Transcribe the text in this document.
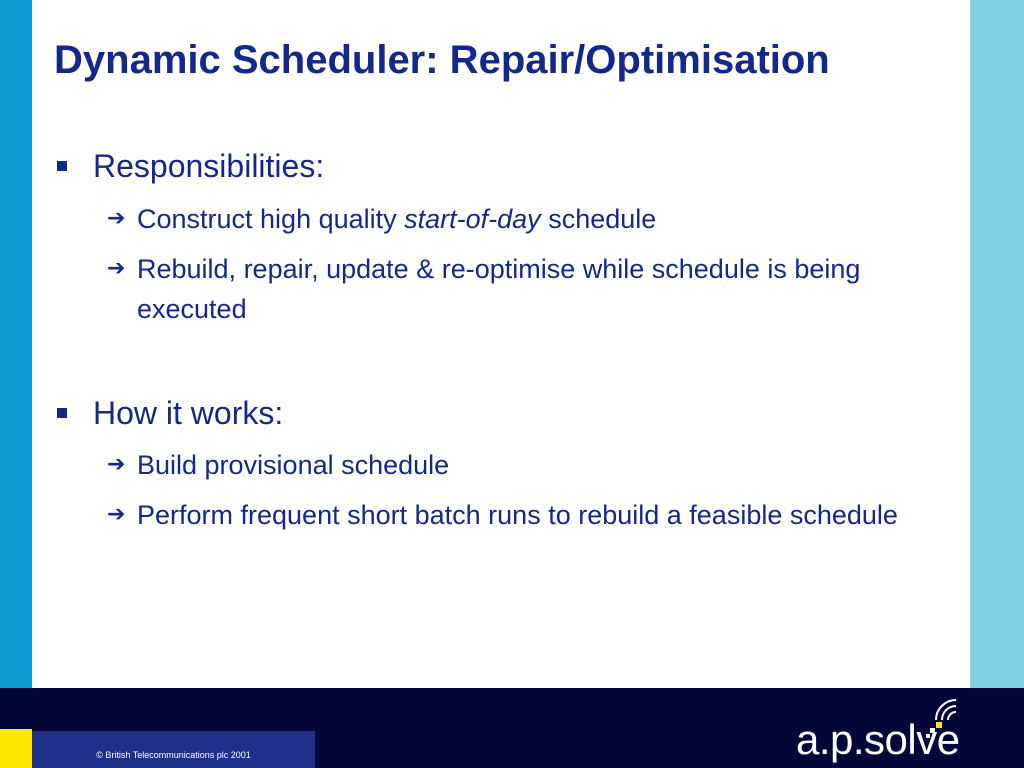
Dynamic Scheduler: Repair/Optimisation
Responsibilities:
➔ Construct high quality start-of-day schedule
➔ Rebuild, repair, update & re-optimise while schedule is being executed
How it works:
➔ Build provisional schedule
➔ Perform frequent short batch runs to rebuild a feasible schedule
© British Telecommunications plc 2001	a.p.solve
